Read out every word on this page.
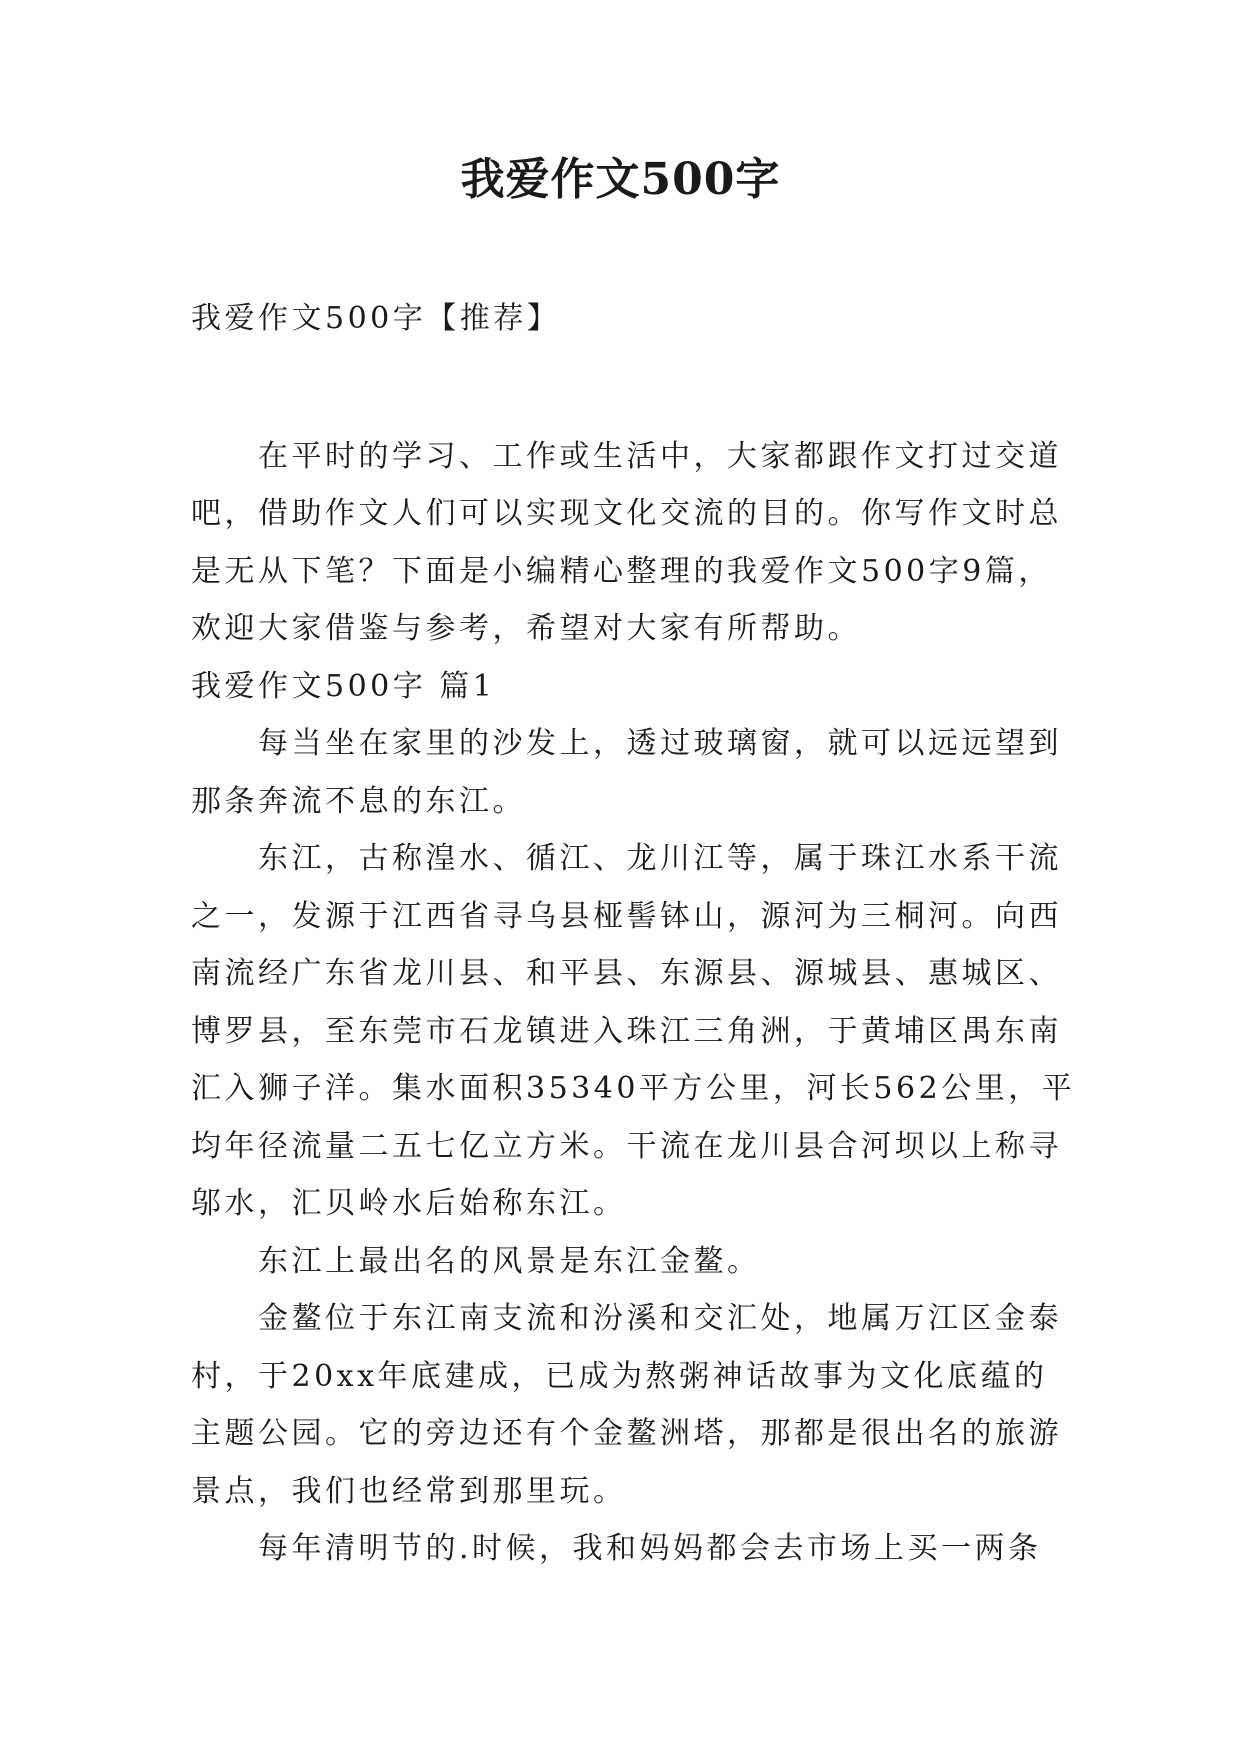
我爱作文500字
我爱作文500字【推荐】
在平时的学习、工作或生活中，大家都跟作文打过交道
吧，借助作文人们可以实现文化交流的目的。你写作文时总
是无从下笔？下面是小编精心整理的我爱作文500字9篇，
欢迎大家借鉴与参考，希望对大家有所帮助。
我爱作文500字 篇1
每当坐在家里的沙发上，透过玻璃窗，就可以远远望到
那条奔流不息的东江。
东江，古称湟水、循江、龙川江等，属于珠江水系干流
之一，发源于江西省寻乌县桠髻钵山，源河为三桐河。向西
南流经广东省龙川县、和平县、东源县、源城县、惠城区、
博罗县，至东莞市石龙镇进入珠江三角洲，于黄埔区禺东南
汇入狮子洋。集水面积35340平方公里，河长562公里，平
均年径流量二五七亿立方米。干流在龙川县合河坝以上称寻
邬水，汇贝岭水后始称东江。
东江上最出名的风景是东江金鳌。
金鳌位于东江南支流和汾溪和交汇处，地属万江区金泰
村，于20xx年底建成，已成为熬粥神话故事为文化底蕴的
主题公园。它的旁边还有个金鳌洲塔，那都是很出名的旅游
景点，我们也经常到那里玩。
每年清明节的.时候，我和妈妈都会去市场上买一两条
